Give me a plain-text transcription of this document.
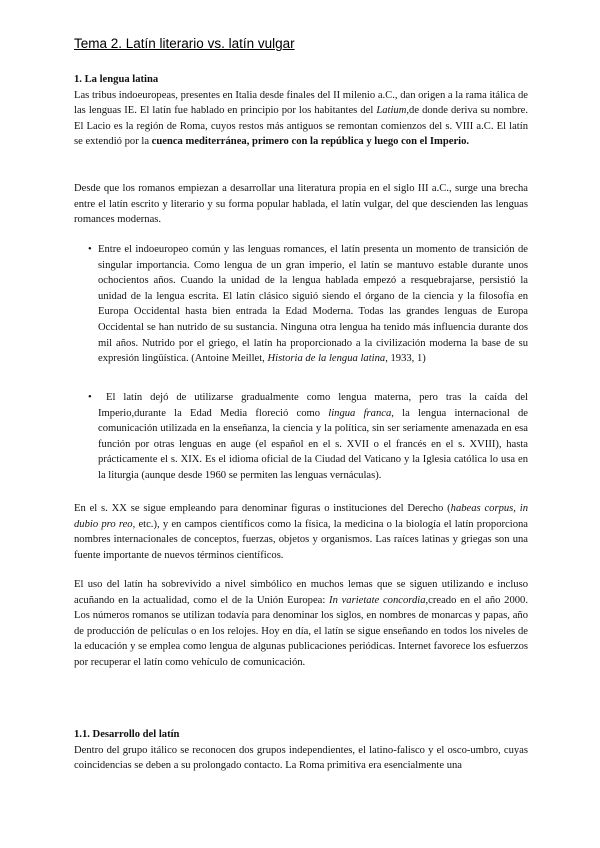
Tema 2. Latín literario vs. latín vulgar
1. La lengua latina

Las tribus indoeuropeas, presentes en Italia desde finales del II milenio a.C., dan origen a la rama itálica de las lenguas IE. El latín fue hablado en principio por los habitantes del Latium,de donde deriva su nombre. El Lacio es la región de Roma, cuyos restos más antiguos se remontan comienzos del s. VIII a.C. El latín se extendió por la cuenca mediterránea, primero con la república y luego con el Imperio.

Desde que los romanos empiezan a desarrollar una literatura propia en el siglo III a.C., surge una brecha entre el latín escrito y literario y su forma popular hablada, el latín vulgar, del que descienden las lenguas romances modernas.

• Entre el indoeuropeo común y las lenguas romances, el latín presenta un momento de transición de singular importancia. Como lengua de un gran imperio, el latín se mantuvo estable durante unos ochocientos años. Cuando la unidad de la lengua hablada empezó a resquebrajarse, persistió la unidad de la lengua escrita. El latín clásico siguió siendo el órgano de la ciencia y la filosofía en Europa Occidental hasta bien entrada la Edad Moderna. Todas las grandes lenguas de Europa Occidental se han nutrido de su sustancia. Ninguna otra lengua ha tenido más influencia durante dos mil años. Nutrido por el griego, el latín ha proporcionado a la civilización moderna la base de su expresión lingüística. (Antoine Meillet, Historia de la lengua latina, 1933, 1)

•	El latín dejó de utilizarse gradualmente como lengua materna, pero tras la caída del Imperio,durante la Edad Media floreció como lingua franca, la lengua internacional de comunicación utilizada en la enseñanza, la ciencia y la política, sin ser seriamente amenazada en esa función por otras lenguas en auge (el español en el s. XVII o el francés en el s. XVIII), hasta prácticamente el s. XIX. Es el idioma oficial de la Ciudad del Vaticano y la Iglesia católica lo usa en la liturgia (aunque desde 1960 se permiten las lenguas vernáculas).

En el s. XX se sigue empleando para denominar figuras o instituciones del Derecho (habeas corpus, in dubio pro reo, etc.), y en campos científicos como la física, la medicina o la biología el latín proporciona nombres internacionales de conceptos, fuerzas, objetos y organismos. Las raíces latinas y griegas son una fuente importante de nuevos términos científicos.

El uso del latín ha sobrevivido a nivel simbólico en muchos lemas que se siguen utilizando e incluso acuñando en la actualidad, como el de la Unión Europea: In varietate concordia,creado en el año 2000. Los números romanos se utilizan todavía para denominar los siglos, en nombres de monarcas y papas, año de producción de películas o en los relojes. Hoy en día, el latín se sigue enseñando en todos los niveles de la educación y se emplea como lengua de algunas publicaciones periódicas. Internet favorece los esfuerzos por recuperar el latín como vehículo de comunicación.

1.1. Desarrollo del latín

Dentro del grupo itálico se reconocen dos grupos independientes, el latino-falisco y el osco-umbro, cuyas coincidencias se deben a su prolongado contacto. La Roma primitiva era esencialmente una
